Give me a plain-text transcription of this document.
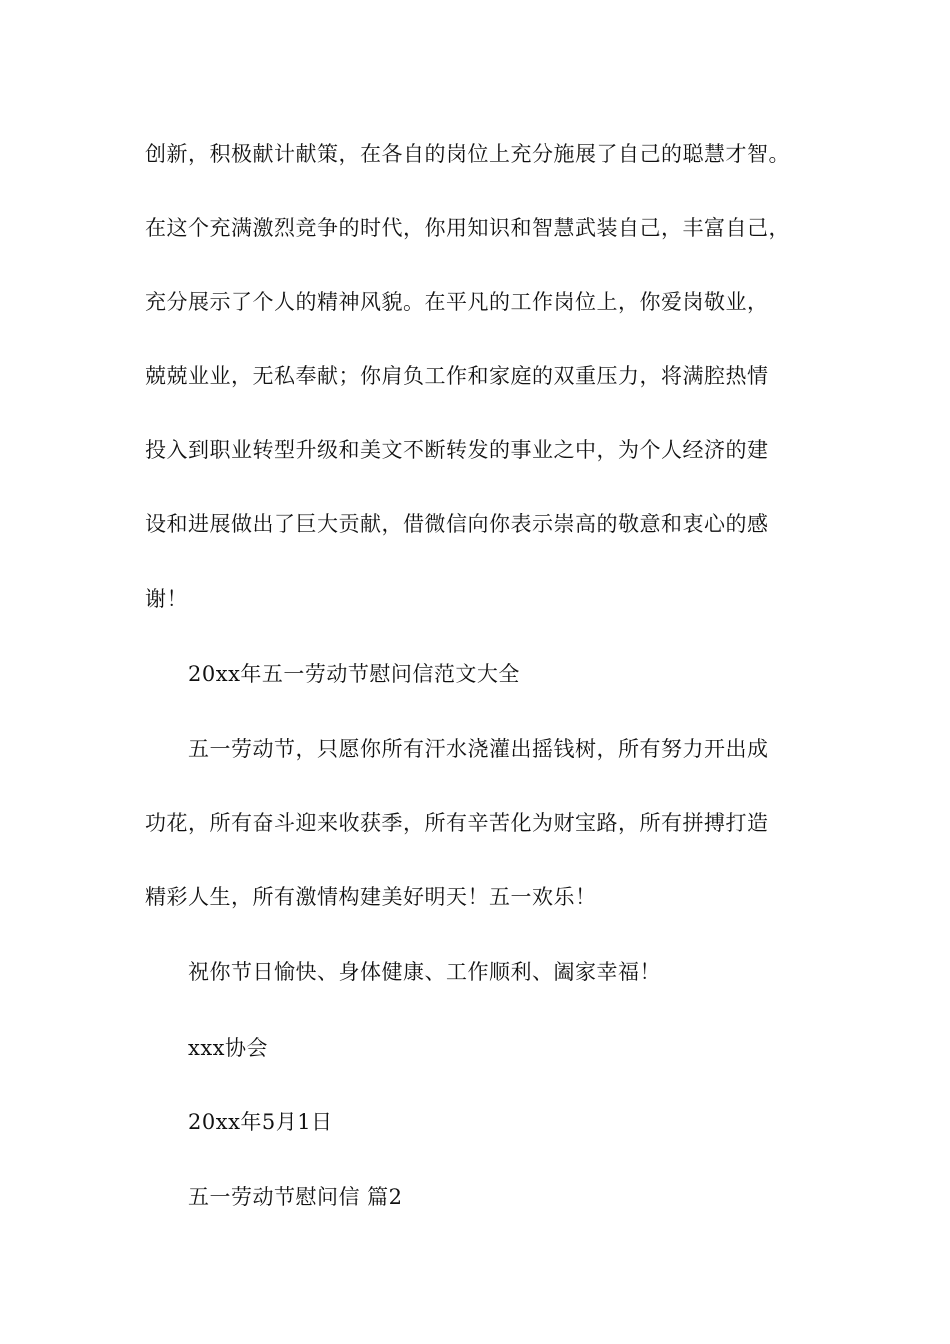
创新，积极献计献策，在各自的岗位上充分施展了自己的聪慧才智。
在这个充满激烈竞争的时代，你用知识和智慧武装自己，丰富自己，
充分展示了个人的精神风貌。在平凡的工作岗位上，你爱岗敬业，
兢兢业业，无私奉献；你肩负工作和家庭的双重压力，将满腔热情
投入到职业转型升级和美文不断转发的事业之中，为个人经济的建
设和进展做出了巨大贡献，借微信向你表示崇高的敬意和衷心的感
谢！
20xx年五一劳动节慰问信范文大全
五一劳动节，只愿你所有汗水浇灌出摇钱树，所有努力开出成
功花，所有奋斗迎来收获季，所有辛苦化为财宝路，所有拼搏打造
精彩人生，所有激情构建美好明天！五一欢乐！
祝你节日愉快、身体健康、工作顺利、阖家幸福！
xxx协会
20xx年5月1日
五一劳动节慰问信 篇2
